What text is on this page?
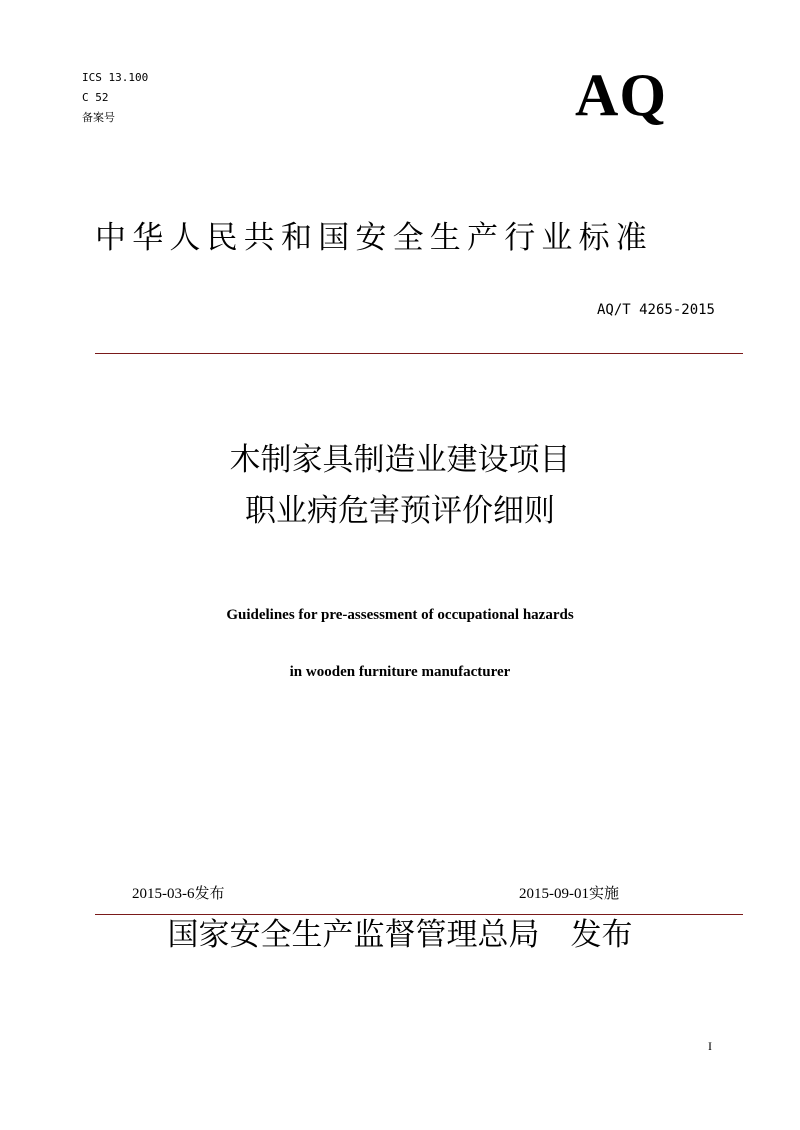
ICS 13.100
C 52
备案号	AQ
中华人民共和国安全生产行业标准
AQ/T 4265-2015
木制家具制造业建设项目
职业病危害预评价细则
Guidelines for pre-assessment of occupational hazards
in wooden furniture manufacturer
2015-03-6发布	2015-09-01实施
国家安全生产监督管理总局　发布
I
